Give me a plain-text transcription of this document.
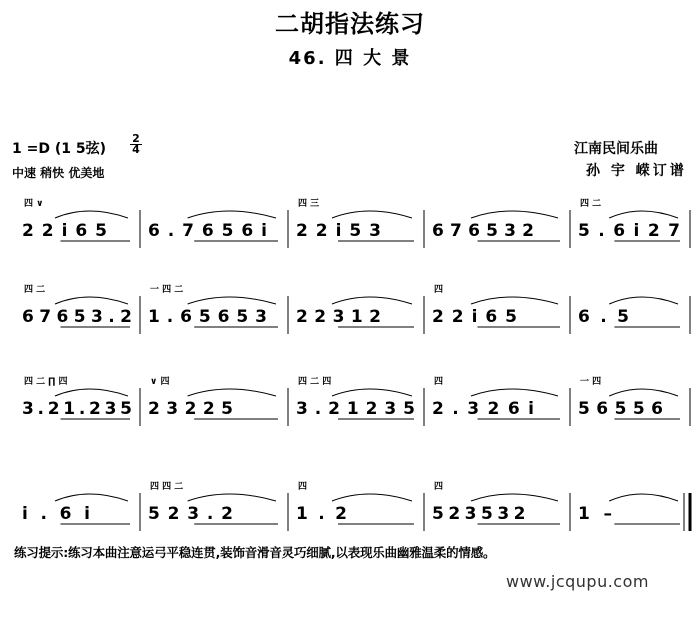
二胡指法练习
46. 四 大 景
1 =D (1 5弦)
2
4
中速 稍快 优美地
江南民间乐曲
孙 宇 嵘订谱
2 2 i 6 5
四 ∨
6 . 7 6 5 6 i 2 2 i 5 3
四 三
6 7 6 5 3 2	5 . 6 i 2 7
四 二
6 7 6 5 3 . 2
四 二
1 . 6 5 6 5 3
一 四 二
2 2 3 1 2	2 2 i 6 5
四
6 . 5
3 . 2 1 . 2 3 5
四 二 ∏ 四
2 3 2 2 5
∨ 四
3 . 2 1 2 3 5
四 二 四
2 . 3 2 6 i
四
5 6 5 5 6
一 四
i . 6 i	5 2 3 . 2
四 四 二
1 . 2
四
5 2 3 5 3 2
四
1 –
练习提示:练习本曲注意运弓平稳连贯,装饰音滑音灵巧细腻,以表现乐曲幽雅温柔的情感。
www.jcqupu.com
